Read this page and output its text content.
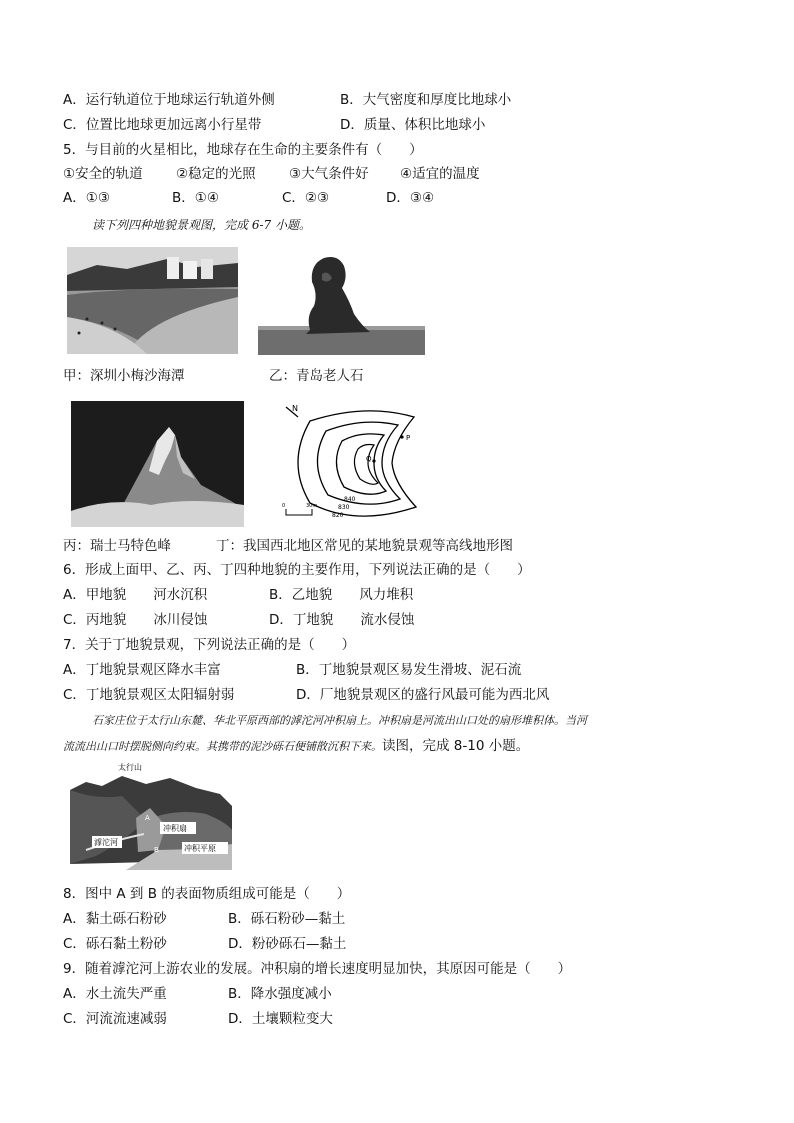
A．运行轨道位于地球运行轨道外侧	B．大气密度和厚度比地球小
C．位置比地球更加远离小行星带	D．质量、体积比地球小
5．与目前的火星相比，地球存在生命的主要条件有（　　）
①安全的轨道 ②稳定的光照 ③大气条件好 ④适宜的温度
A．①③	B．①④	C．②③	D．③④
读下列四种地貌景观图，完成 6-7 小题。
甲：深圳小梅沙海潭	乙：青岛老人石
N
Q
P
840
830
820
0	30m
丙：瑞士马特色峰	丁：我国西北地区常见的某地貌景观等高线地形图
6．形成上面甲、乙、丙、丁四种地貌的主要作用，下列说法正确的是（　　）
A．甲地貌　　河水沉积	B．乙地貌　　风力堆积
C．丙地貌　　冰川侵蚀	D．丁地貌　　流水侵蚀
7．关于丁地貌景观，下列说法正确的是（　　）
A．丁地貌景观区降水丰富	B．丁地貌景观区易发生滑坡、泥石流
C．丁地貌景观区太阳辐射弱	D．厂地貌景观区的盛行风最可能为西北风
石家庄位于太行山东麓、华北平原西部的滹沱河冲积扇上。冲积扇是河流出山口处的扇形堆积体。当河
流流出山口时摆脱侧向约束。其携带的泥沙砾石便铺散沉积下来。读图，完成 8-10 小题。
太行山
A
B
冲积扇
滹沱河
冲积平原
8．图中 A 到 B 的表面物质组成可能是（　　）
A．黏土砾石粉砂	B．砾石粉砂—黏土
C．砾石黏土粉砂	D．粉砂砾石—黏土
9．随着滹沱河上游农业的发展。冲积扇的增长速度明显加快，其原因可能是（　　）
A．水土流失严重	B．降水强度减小
C．河流流速减弱	D．土壤颗粒变大
